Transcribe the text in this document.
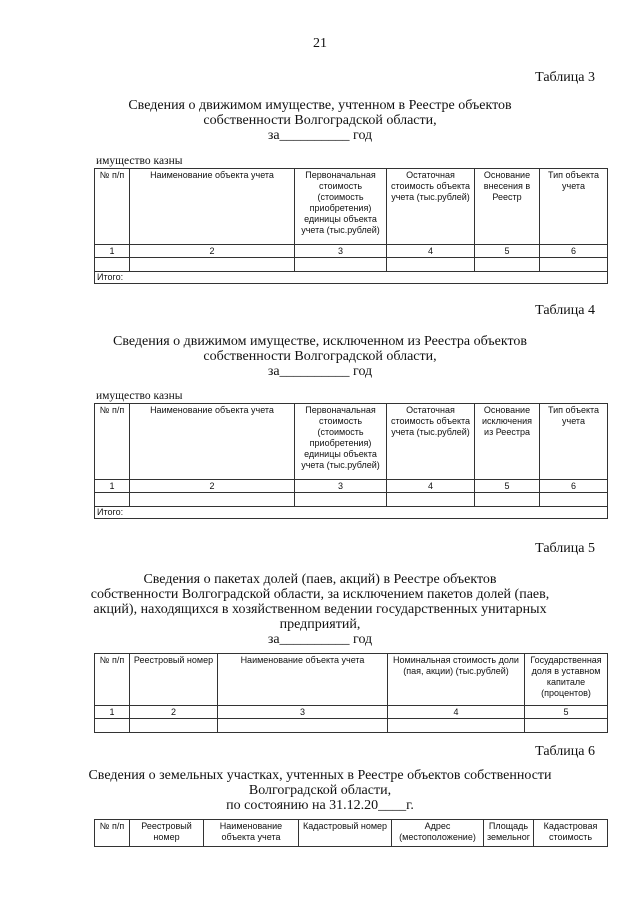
21
Таблица 3
Сведения о движимом имуществе, учтенном в Реестре объектов
собственности Волгоградской области,
за__________ год
имущество казны
№ п/п	Наименование объекта учета	Первоначальная стоимость (стоимость приобретения) единицы объекта учета (тыс.рублей)	Остаточная стоимость объекта учета (тыс.рублей)	Основание внесения в Реестр	Тип объекта учета
1	2	3	4	5	6

Итого:					
Таблица 4
Сведения о движимом имуществе, исключенном из Реестра объектов
собственности Волгоградской области,
за__________ год
имущество казны
№ п/п	Наименование объекта учета	Первоначальная стоимость (стоимость приобретения) единицы объекта учета (тыс.рублей)	Остаточная стоимость объекта учета (тыс.рублей)	Основание исключения из Реестра	Тип объекта учета
1	2	3	4	5	6

Итого:					
Таблица 5
Сведения о пакетах долей (паев, акций) в Реестре объектов
собственности Волгоградской области, за исключением пакетов долей (паев,
акций), находящихся в хозяйственном ведении государственных унитарных
предприятий,
за__________ год
№ п/п	Реестровый номер	Наименование объекта учета	Номинальная стоимость доли (пая, акции) (тыс.рублей)	Государственная доля в уставном капитале (процентов)
1	2	3	4	5

Таблица 6
Сведения о земельных участках, учтенных в Реестре объектов собственности
Волгоградской области,
по состоянию на 31.12.20____г.
№ п/п	Реестровый номер	Наименование объекта учета	Кадастровый номер	Адрес (местоположение)	Площадь земельног	Кадастровая стоимость
